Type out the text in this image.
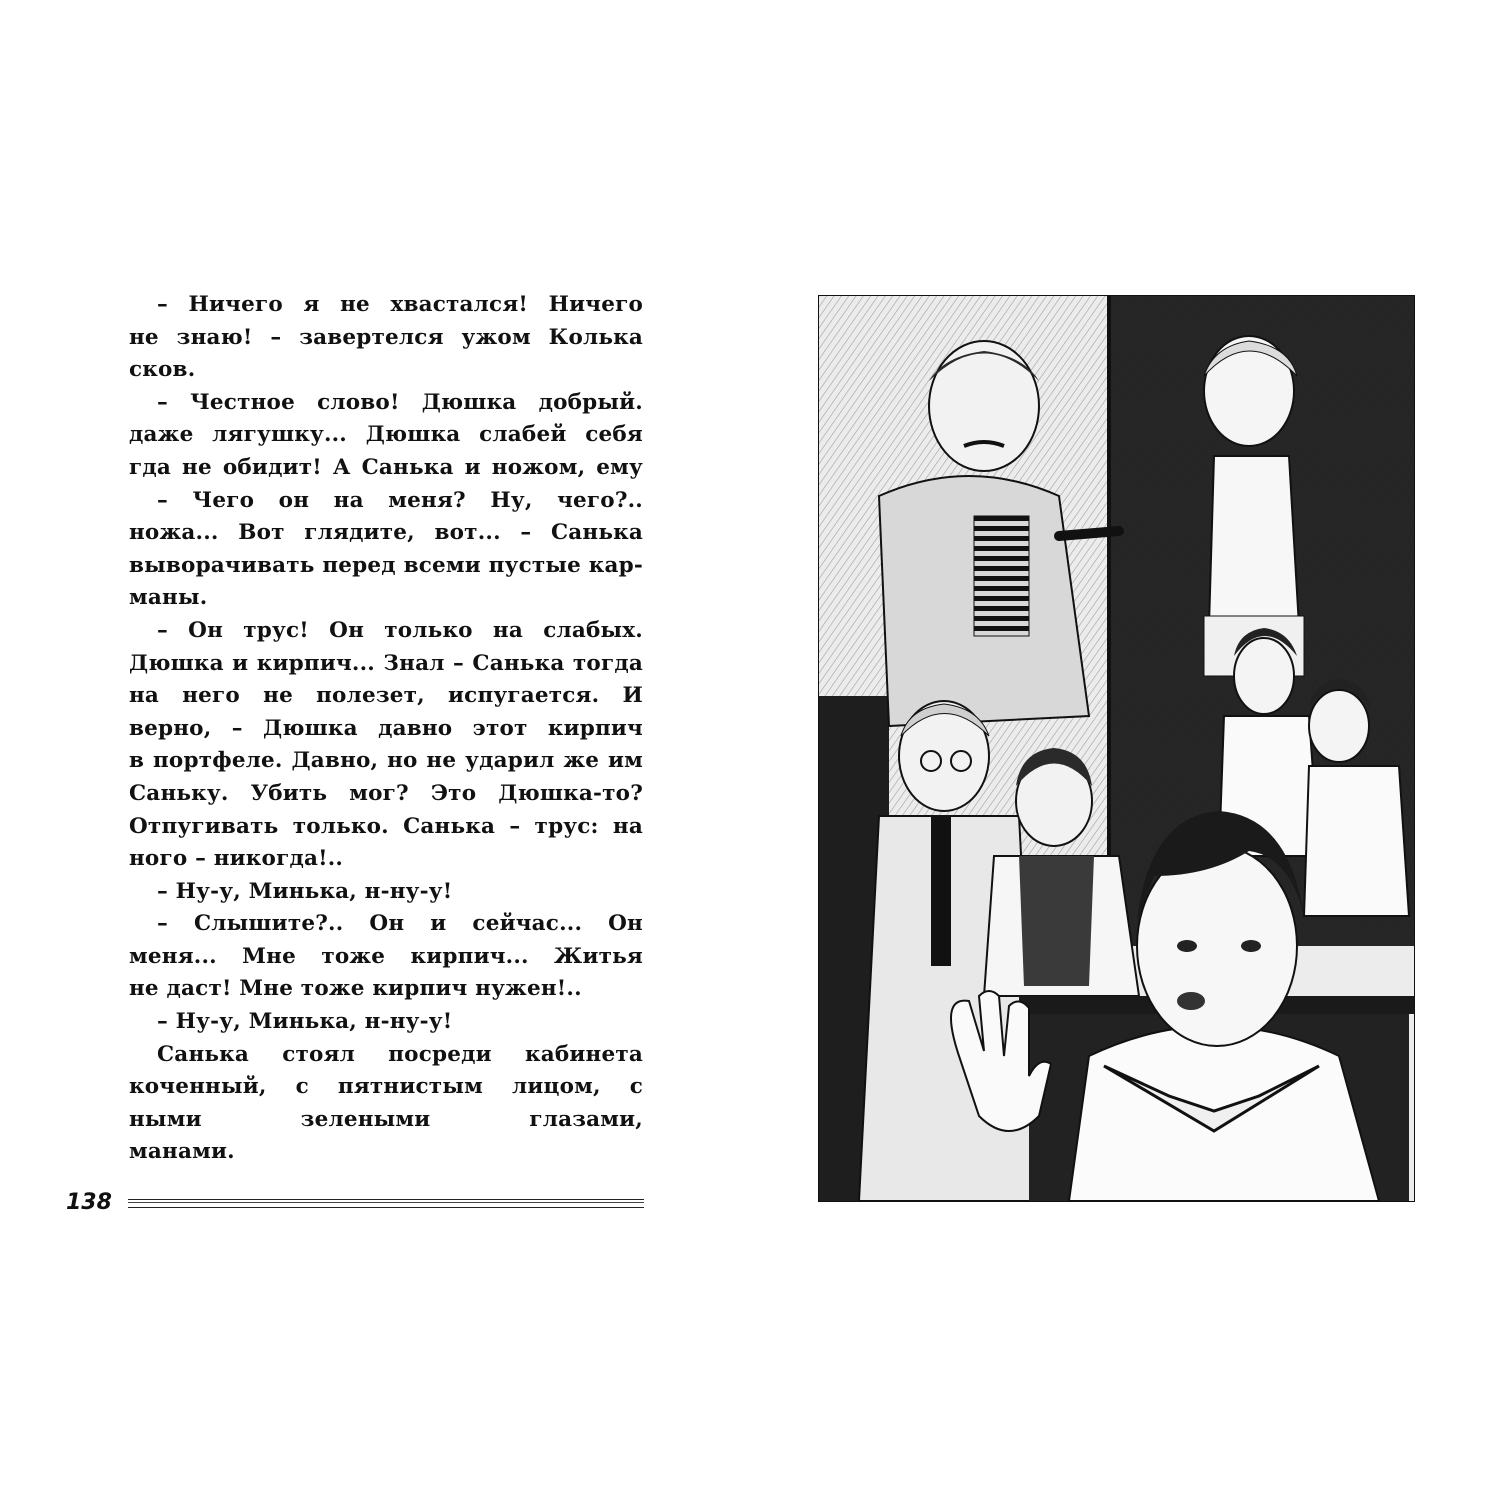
– Ничего я не хвастался! Ничего
не знаю! – завертелся ужом Колька
сков.
– Честное слово! Дюшка добрый.
даже лягушку... Дюшка слабей себя
гда не обидит! А Санька и ножом, ему
– Чего он на меня? Ну, чего?..
ножа... Вот глядите, вот... – Санька
выворачивать перед всеми пустые кар-
маны.
– Он трус! Он только на слабых.
Дюшка и кирпич... Знал – Санька тогда
на него не полезет, испугается. И
верно, – Дюшка давно этот кирпич
в портфеле. Давно, но не ударил же им
Саньку. Убить мог? Это Дюшка-то?
Отпугивать только. Санька – трус: на
ного – никогда!..
– Ну-у, Минька, н-ну-у!
– Слышите?.. Он и сейчас... Он
меня... Мне тоже кирпич... Житья
не даст! Мне тоже кирпич нужен!..
– Ну-у, Минька, н-ну-у!
Санька стоял посреди кабинета
коченный, с пятнистым лицом, с
ными зелеными глазами,
манами.
138
